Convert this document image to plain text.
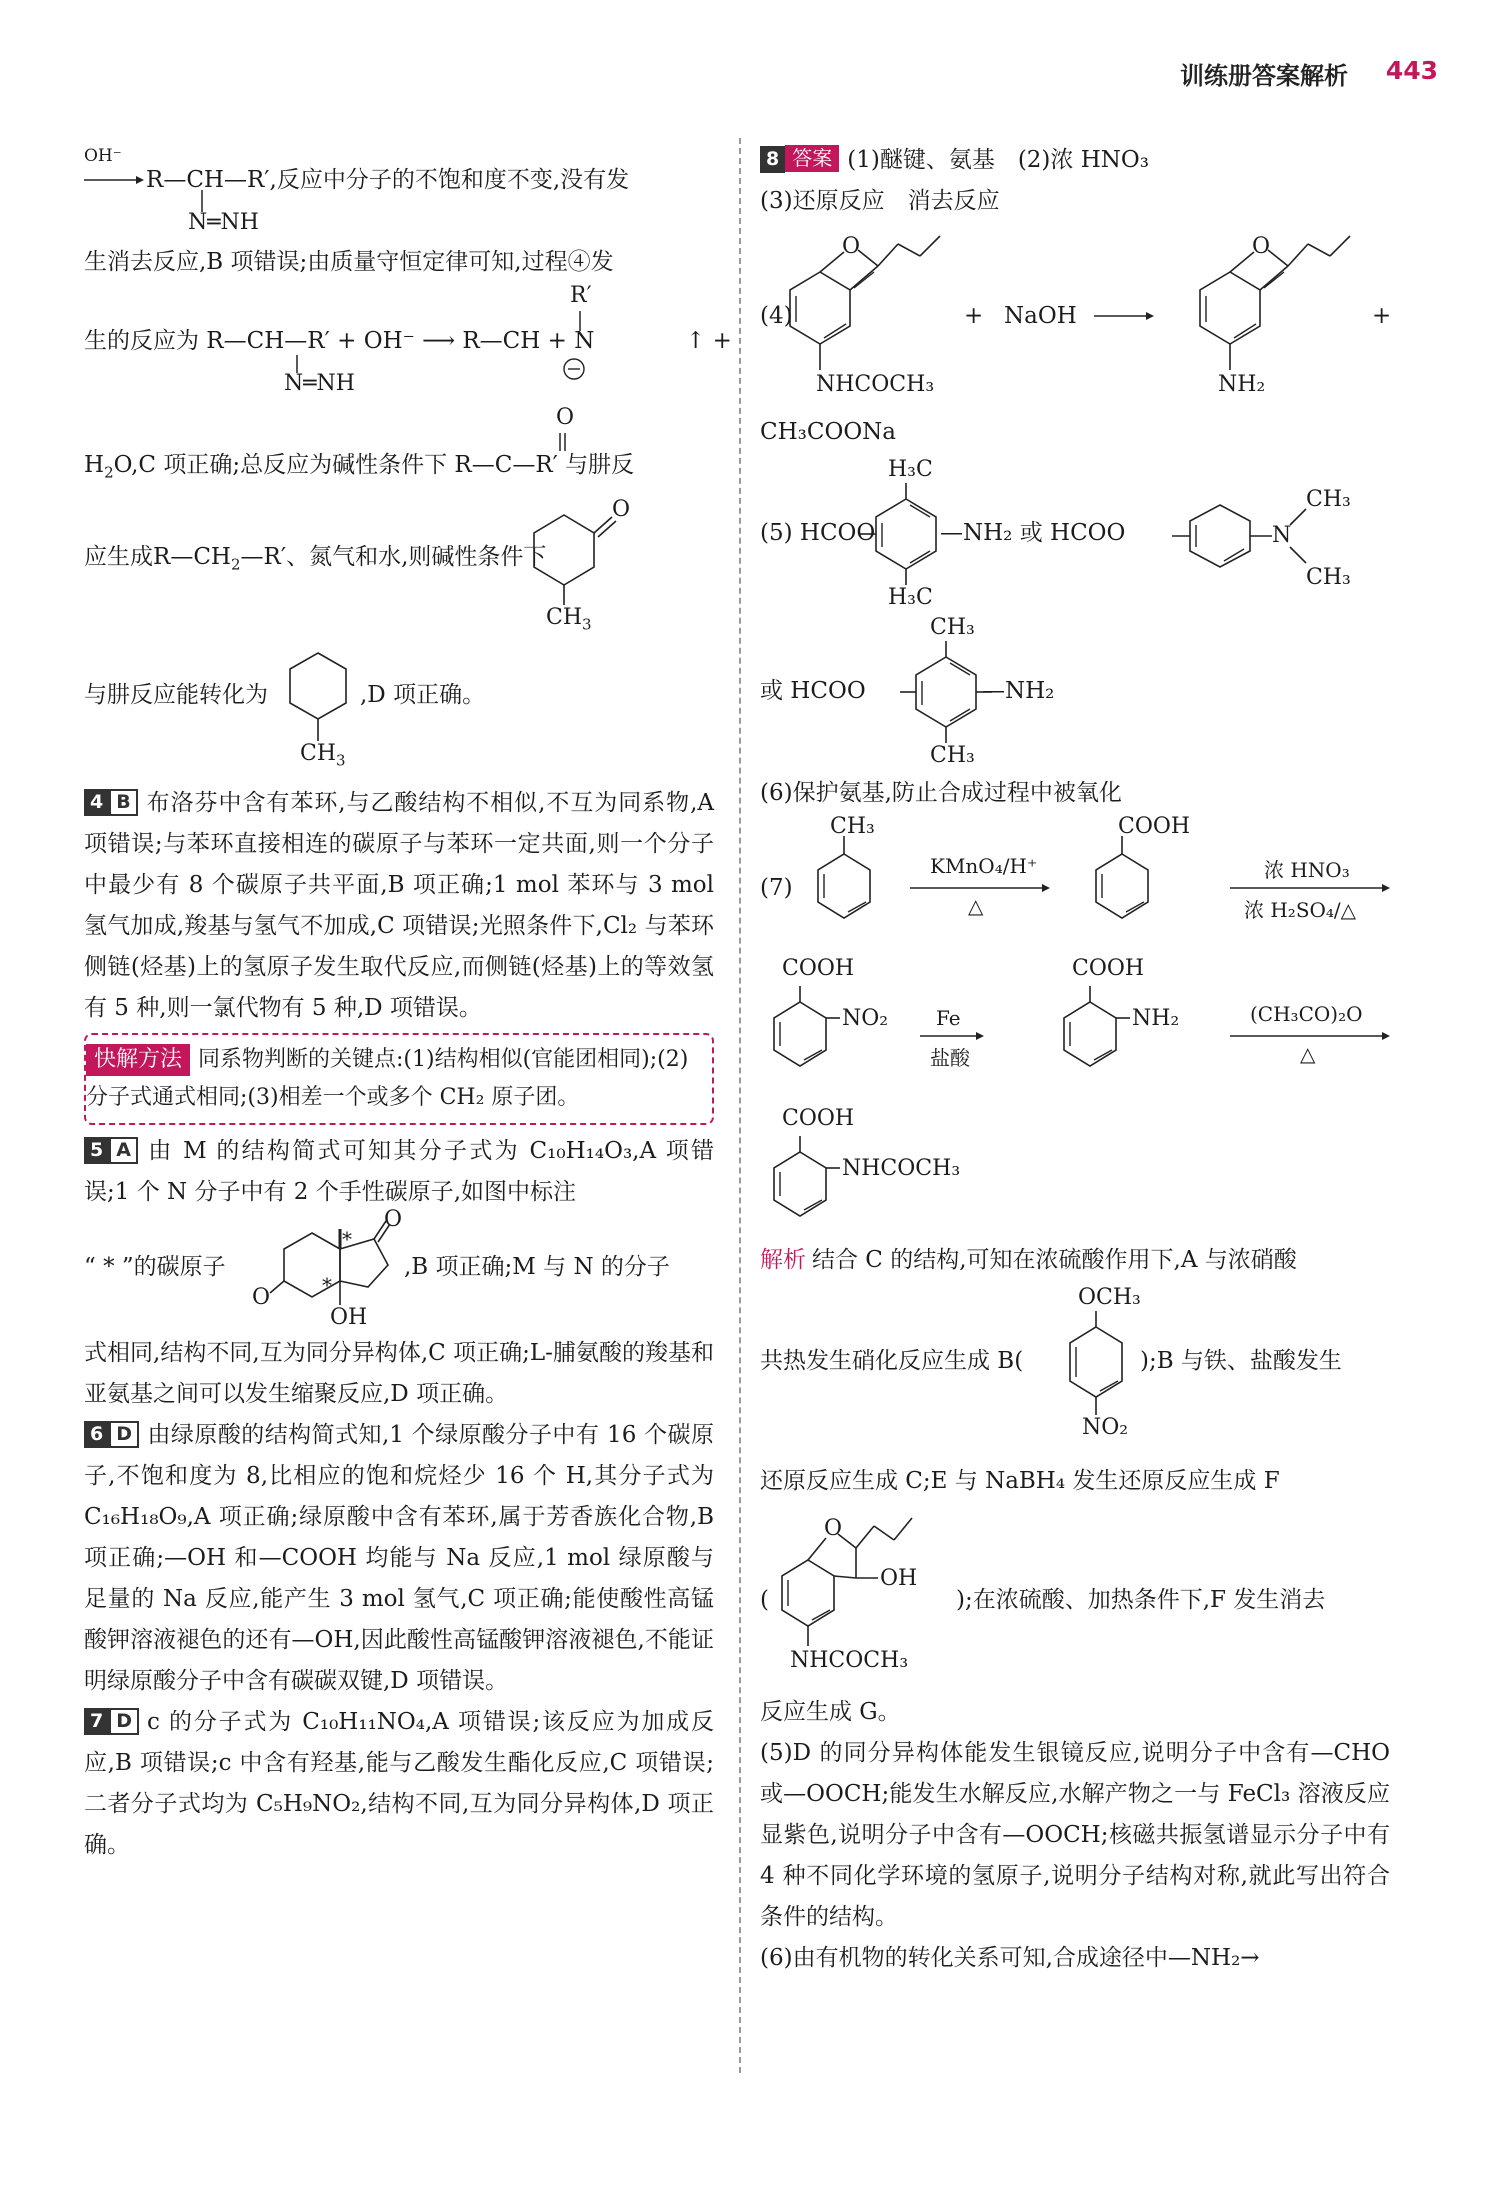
训练册答案解析 443
OH⁻
R—CH—R′,反应中分子的不饱和度不变,没有发
N═NH

生消去反应,B 项错误;由质量守恒定律可知,过程④发

R′
生的反应为 R—CH—R′ + OH⁻ ⟶ R—CH + N	↑ +
N═NH
O
$H_2O,C$ 项正确;总反应为碱性条件下 R—C—R′ 与肼反
应生成$R—CH_2—R'$、氮气和水,则碱性条件下
O
$CH_3$
与肼反应能转化为	,D 项正确。
$CH_3$

4 B 布洛芬中含有苯环,与乙酸结构不相似,不互为同系物,A 项错误;与苯环直接相连的碳原子与苯环一定共面,则一个分子中最少有 8 个碳原子共平面,B 项正确;1 mol 苯环与 3 mol 氢气加成,羧基与氢气不加成,C 项错误;光照条件下,Cl₂ 与苯环侧链(烃基)上的氢原子发生取代反应,而侧链(烃基)上的等效氢有 5 种,则一氯代物有 5 种,D 项错误。

快解方法 同系物判断的关键点:(1)结构相似(官能团相同);(2)分子式通式相同;(3)相差一个或多个 CH₂ 原子团。

5 A 由 M 的结构简式可知其分子式为 C₁₀H₁₄O₃,A 项错误;1 个 N 分子中有 2 个手性碳原子,如图中标注

“ * ”的碳原子
O
O
OH
*
*
,B 项正确;M 与 N 的分子

式相同,结构不同,互为同分异构体,C 项正确;L-脯氨酸的羧基和亚氨基之间可以发生缩聚反应,D 项正确。

6 D 由绿原酸的结构简式知,1 个绿原酸分子中有 16 个碳原子,不饱和度为 8,比相应的饱和烷烃少 16 个 H,其分子式为 C₁₆H₁₈O₉,A 项正确;绿原酸中含有苯环,属于芳香族化合物,B 项正确;—OH 和—COOH 均能与 Na 反应,1 mol 绿原酸与足量的 Na 反应,能产生 3 mol 氢气,C 项正确;能使酸性高锰酸钾溶液褪色的还有—OH,因此酸性高锰酸钾溶液褪色,不能证明绿原酸分子中含有碳碳双键,D 项错误。

7 D c 的分子式为 C₁₀H₁₁NO₄,A 项错误;该反应为加成反应,B 项错误;c 中含有羟基,能与乙酸发生酯化反应,C 项错误;二者分子式均为 C₅H₉NO₂,结构不同,互为同分异构体,D 项正确。

8 答案 (1)醚键、氨基　(2)浓 HNO₃

(3)还原反应　消去反应

(4)
O	O
+ NaOH	+
NHCOCH₃	NH₂

CH₃COONa

H₃C
H₃C
(5) HCOO	—NH₂ 或 HCOO	N
CH₃
CH₃
CH₃
或 HCOO	—NH₂
CH₃

(6)保护氨基,防止合成过程中被氧化

(7)
CH₃
KMnO₄/H⁺
△
COOH
浓 HNO₃
浓 H₂SO₄/△
COOH
NO₂ Fe
盐酸
COOH
NH₂	(CH₃CO)₂O
△
COOH
NHCOCH₃

解析 结合 C 的结构,可知在浓硫酸作用下,A 与浓硝酸

共热发生硝化反应生成 B(
OCH₃
NO₂
);B 与铁、盐酸发生

还原反应生成 C;E 与 NaBH₄ 发生还原反应生成 F

(
O
OH
NHCOCH₃
);在浓硫酸、加热条件下,F 发生消去

反应生成 G。

(5)D 的同分异构体能发生银镜反应,说明分子中含有—CHO 或—OOCH;能发生水解反应,水解产物之一与 FeCl₃ 溶液反应显紫色,说明分子中含有—OOCH;核磁共振氢谱显示分子中有 4 种不同化学环境的氢原子,说明分子结构对称,就此写出符合条件的结构。

(6)由有机物的转化关系可知,合成途径中—NH₂→
